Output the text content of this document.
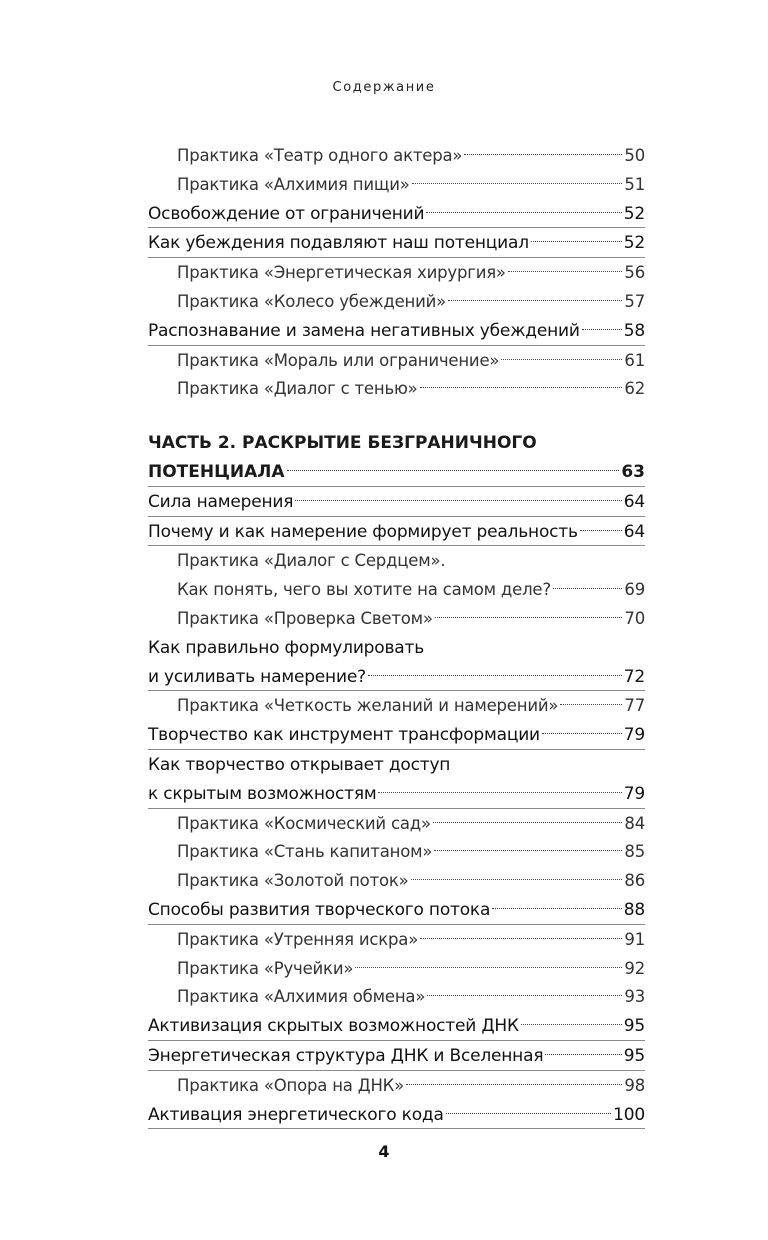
Содержание
Практика «Театр одного актера»	50
Практика «Алхимия пищи»	51
Освобождение от ограничений	52
Как убеждения подавляют наш потенциал	52
Практика «Энергетическая хирургия»	56
Практика «Колесо убеждений»	57
Распознавание и замена негативных убеждений	58
Практика «Мораль или ограничение»	61
Практика «Диалог с тенью»	62
ЧАСТЬ 2. РАСКРЫТИЕ БЕЗГРАНИЧНОГО
ПОТЕНЦИАЛА	63
Сила намерения	64
Почему и как намерение формирует реальность	64
Практика «Диалог с Сердцем».
Как понять, чего вы хотите на самом деле?	69
Практика «Проверка Светом»	70
Как правильно формулировать
и усиливать намерение?	72
Практика «Четкость желаний и намерений»	77
Творчество как инструмент трансформации	79
Как творчество открывает доступ
к скрытым возможностям	79
Практика «Космический сад»	84
Практика «Стань капитаном»	85
Практика «Золотой поток»	86
Способы развития творческого потока	88
Практика «Утренняя искра»	91
Практика «Ручейки»	92
Практика «Алхимия обмена»	93
Активизация скрытых возможностей ДНК	95
Энергетическая структура ДНК и Вселенная	95
Практика «Опора на ДНК»	98
Активация энергетического кода	100
4
